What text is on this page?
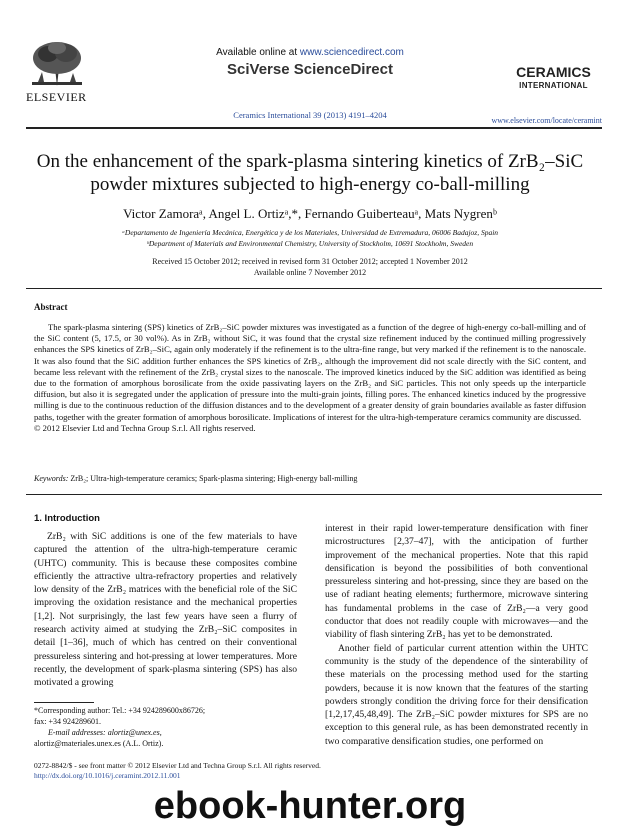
ELSEVIER
Available online at www.sciencedirect.com
SciVerse ScienceDirect
Ceramics International 39 (2013) 4191–4204
CERAMICS
INTERNATIONAL
www.elsevier.com/locate/ceramint
On the enhancement of the spark-plasma sintering kinetics of ZrB₂–SiC
powder mixtures subjected to high-energy co-ball-milling
Victor Zamoraᵃ, Angel L. Ortizᵃ,*, Fernando Guiberteauᵃ, Mats Nygrenᵇ
ᵃDepartamento de Ingeniería Mecánica, Energética y de los Materiales, Universidad de Extremadura, 06006 Badajoz, Spain
ᵇDepartment of Materials and Environmental Chemistry, University of Stockholm, 10691 Stockholm, Sweden
Received 15 October 2012; received in revised form 31 October 2012; accepted 1 November 2012
Available online 7 November 2012
Abstract

The spark-plasma sintering (SPS) kinetics of ZrB₂–SiC powder mixtures was investigated as a function of the degree of high-energy co-ball-milling and of the SiC content (5, 17.5, or 30 vol%). As in ZrB₂ without SiC, it was found that the crystal size refinement induced by the continued milling progressively enhances the SPS kinetics of ZrB₂–SiC, again only moderately if the refinement is to the ultra-fine range, but very marked if the refinement is to the nanoscale. It was also found that the SiC addition further enhances the SPS kinetics of ZrB₂, although the improvement did not scale directly with the SiC content, and became less relevant with the refinement of the ZrB₂ crystal sizes to the nanoscale. The improved kinetics induced by the SiC addition was identified as being due to the formation of amorphous borosilicate from the oxide passivating layers on the ZrB₂ and SiC particles. This not only speeds up the interparticle diffusion, but also it is segregated under the application of pressure into the multi-grain joints, filling pores. The enhanced kinetics induced by the progressive milling is due to the continuous reduction of the diffusion distances and to the development of a greater density of grain boundaries available as faster diffusion paths, together with the greater formation of amorphous borosilicate. Implications of interest for the ultra-high-temperature ceramics community are discussed.

© 2012 Elsevier Ltd and Techna Group S.r.l. All rights reserved.
Keywords: ZrB₂; Ultra-high-temperature ceramics; Spark-plasma sintering; High-energy ball-milling
1. Introduction

ZrB₂ with SiC additions is one of the few materials to have captured the attention of the ultra-high-temperature ceramic (UHTC) community. This is because these composites combine efficiently the attractive ultra-refractory properties and relatively low density of the ZrB₂ matrices with the beneficial role of the SiC improving the oxidation resistance and the mechanical properties [1,2]. Not surprisingly, the last few years have seen a flurry of research activity aimed at studying the ZrB₂–SiC composites in detail [1–36], much of which has centred on their conventional pressureless sintering and hot-pressing at lower temperatures. More recently, the development of spark-plasma sintering (SPS) has also motivated a growing

interest in their rapid lower-temperature densification with finer microstructures [2,37–47], with the anticipation of further improvement of the mechanical properties. Note that this rapid densification is beyond the possibilities of both conventional pressureless sintering and hot-pressing, since they are based on the use of radiant heating elements; furthermore, microwave sintering has fundamental problems in the case of ZrB₂—a very good conductor that does not readily couple with microwaves—and the viability of flash sintering ZrB₂ has yet to be demonstrated.

Another field of particular current attention within the UHTC community is the study of the dependence of the sinterability of these materials on the processing method used for the starting powders, because it is now known that the features of the starting powders strongly condition the driving force for their densification [1,2,17,45,48,49]. The ZrB₂–SiC powder mixtures for SPS are no exception to this general rule, as has been demonstrated recently in two comparative densification studies, one performed on

*Corresponding author: Tel.: +34 924289600x86726;
fax: +34 924289601.
E-mail addresses: alortiz@unex.es,
alortiz@materiales.unex.es (A.L. Ortiz).
0272-8842/$ - see front matter © 2012 Elsevier Ltd and Techna Group S.r.l. All rights reserved.
http://dx.doi.org/10.1016/j.ceramint.2012.11.001
ebook-hunter.org
